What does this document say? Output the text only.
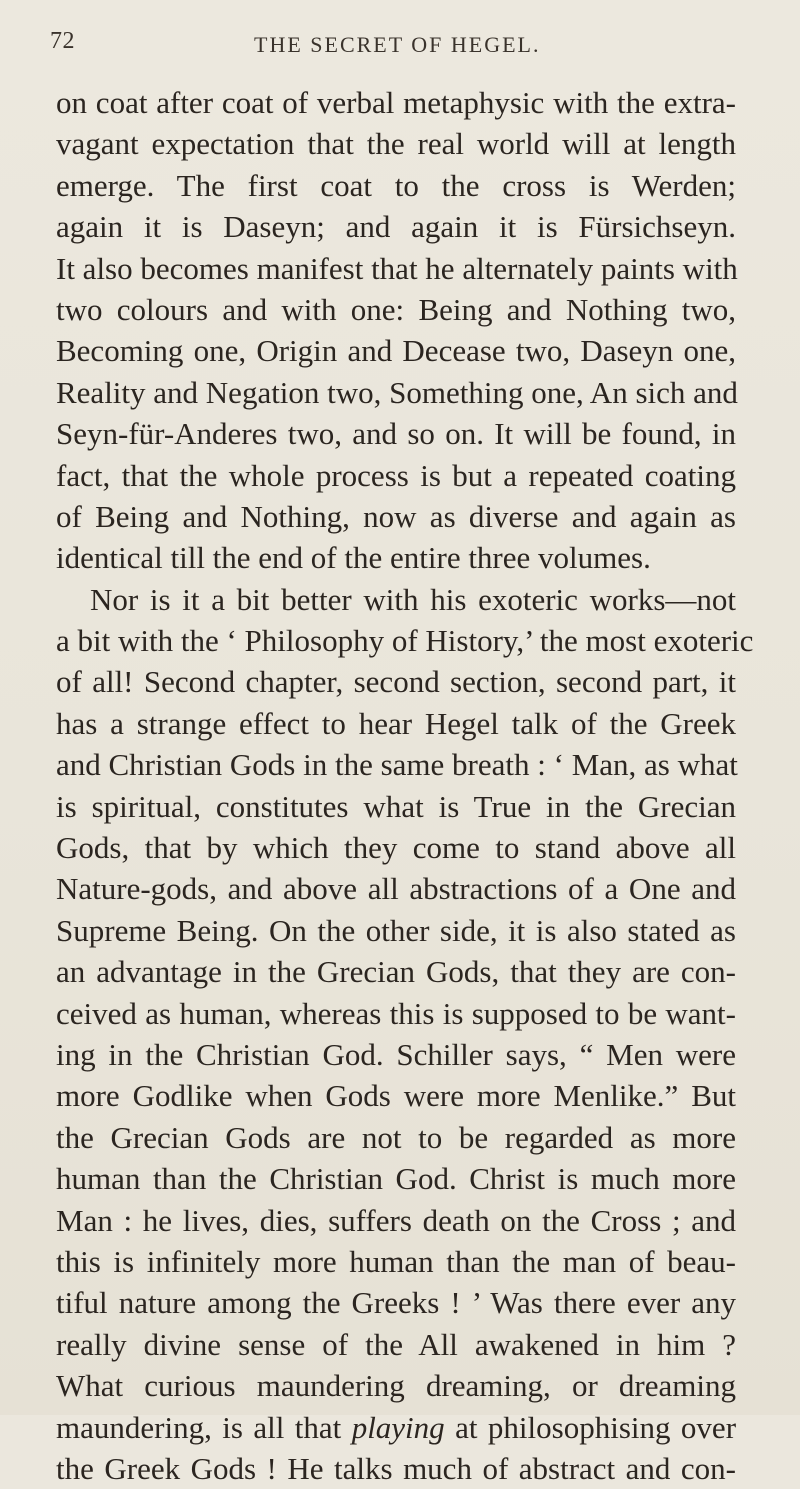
72	THE SECRET OF HEGEL.
on coat after coat of verbal metaphysic with the extra-
vagant expectation that the real world will at length
emerge. The first coat to the cross is Werden;
again it is Daseyn; and again it is Fürsichseyn.
It also becomes manifest that he alternately paints with
two colours and with one: Being and Nothing two,
Becoming one, Origin and Decease two, Daseyn one,
Reality and Negation two, Something one, An sich and
Seyn-für-Anderes two, and so on. It will be found, in
fact, that the whole process is but a repeated coating
of Being and Nothing, now as diverse and again as
identical till the end of the entire three volumes.
Nor is it a bit better with his exoteric works—not
a bit with the ‘ Philosophy of History,’ the most exoteric
of all! Second chapter, second section, second part, it
has a strange effect to hear Hegel talk of the Greek
and Christian Gods in the same breath : ‘ Man, as what
is spiritual, constitutes what is True in the Grecian
Gods, that by which they come to stand above all
Nature-gods, and above all abstractions of a One and
Supreme Being. On the other side, it is also stated as
an advantage in the Grecian Gods, that they are con-
ceived as human, whereas this is supposed to be want-
ing in the Christian God. Schiller says, “ Men were
more Godlike when Gods were more Menlike.” But
the Grecian Gods are not to be regarded as more
human than the Christian God. Christ is much more
Man : he lives, dies, suffers death on the Cross ; and
this is infinitely more human than the man of beau-
tiful nature among the Greeks ! ’ Was there ever any
really divine sense of the All awakened in him ?
What curious maundering dreaming, or dreaming
maundering, is all that playing at philosophising over
the Greek Gods ! He talks much of abstract and con-
